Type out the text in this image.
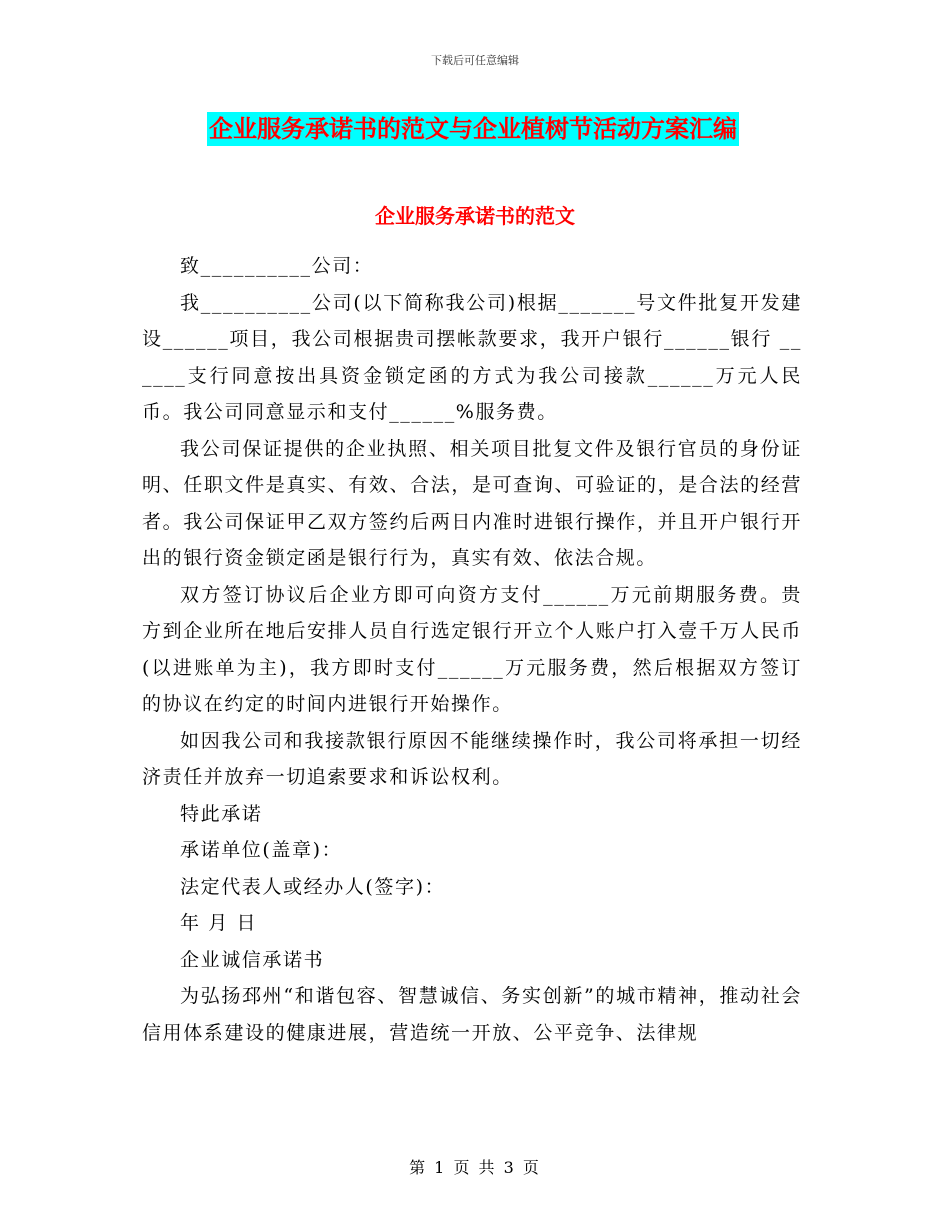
下载后可任意编辑
企业服务承诺书的范文与企业植树节活动方案汇编
企业服务承诺书的范文

致__________公司：

我__________公司(以下简称我公司)根据_______号文件批复开发建设______项目，我公司根据贵司摆帐款要求，我开户银行______银行 ______支行同意按出具资金锁定函的方式为我公司接款______万元人民币。我公司同意显示和支付______%服务费。

我公司保证提供的企业执照、相关项目批复文件及银行官员的身份证明、任职文件是真实、有效、合法，是可查询、可验证的，是合法的经营者。我公司保证甲乙双方签约后两日内准时进银行操作，并且开户银行开出的银行资金锁定函是银行行为，真实有效、依法合规。

双方签订协议后企业方即可向资方支付______万元前期服务费。贵方到企业所在地后安排人员自行选定银行开立个人账户打入壹千万人民币(以进账单为主)，我方即时支付______万元服务费，然后根据双方签订的协议在约定的时间内进银行开始操作。

如因我公司和我接款银行原因不能继续操作时，我公司将承担一切经济责任并放弃一切追索要求和诉讼权利。

特此承诺

承诺单位(盖章)：

法定代表人或经办人(签字)：

年 月 日

企业诚信承诺书

为弘扬邳州“和谐包容、智慧诚信、务实创新”的城市精神，推动社会信用体系建设的健康进展，营造统一开放、公平竞争、法律规

第 1 页 共 3 页
